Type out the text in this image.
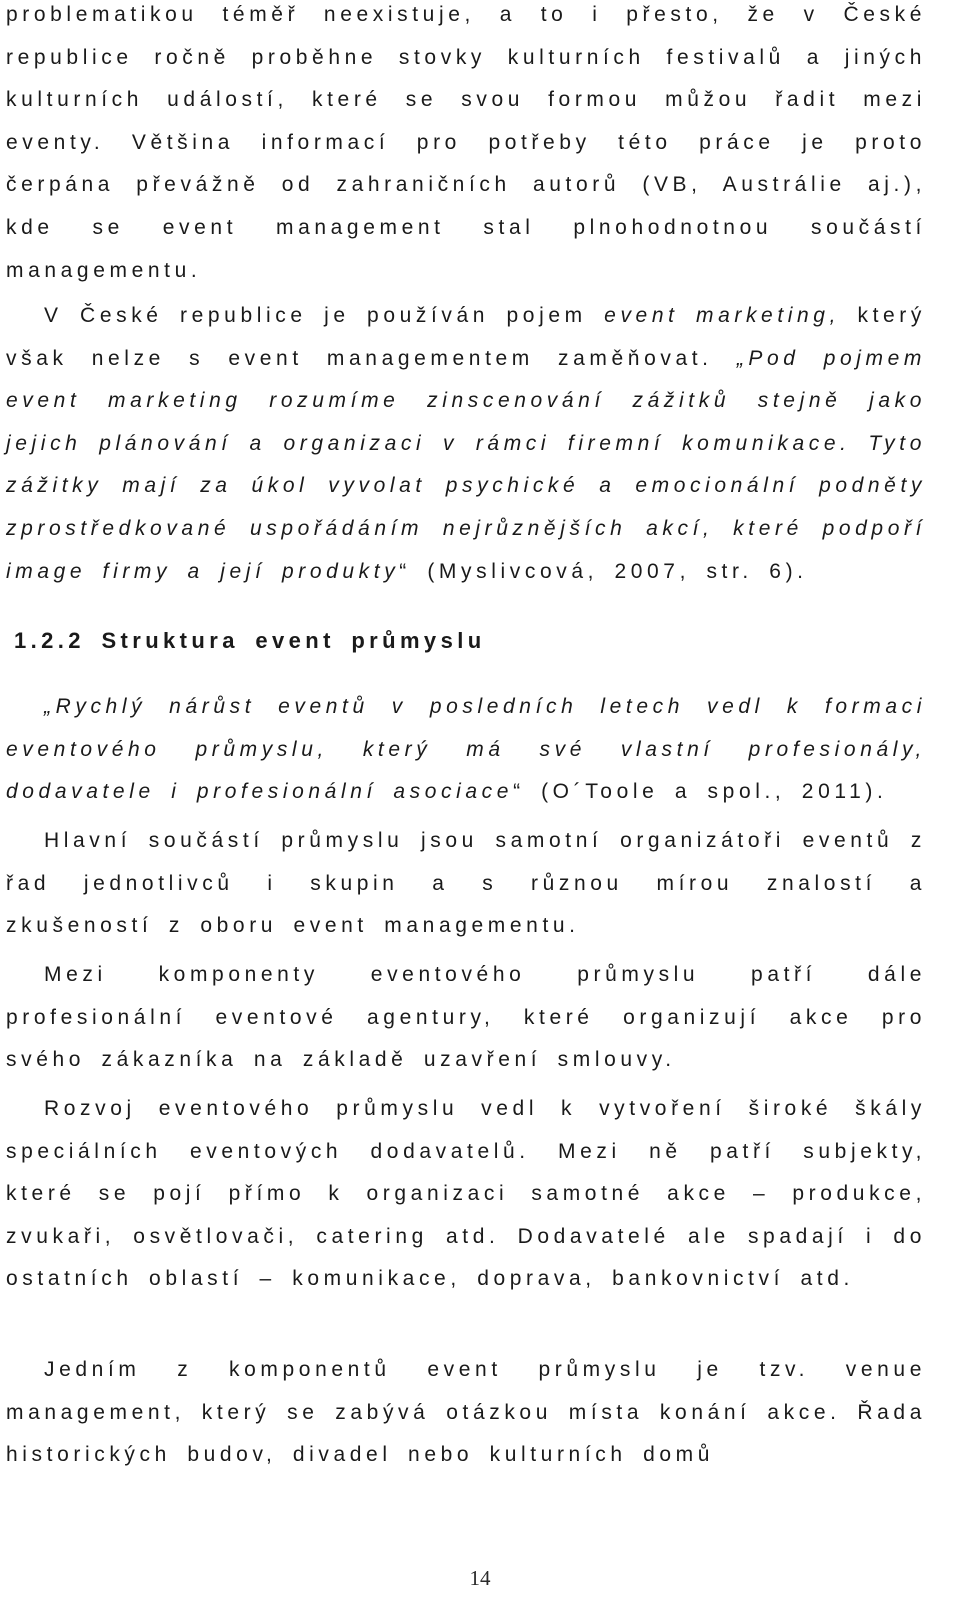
problematikou téměř neexistuje, a to i přesto, že v České republice ročně proběhne stovky kulturních festivalů a jiných kulturních událostí, které se svou formou můžou řadit mezi eventy. Většina informací pro potřeby této práce je proto čerpána převážně od zahraničních autorů (VB, Austrálie aj.), kde se event management stal plnohodnotnou součástí managementu.

V České republice je používán pojem event marketing, který však nelze s event managementem zaměňovat. „Pod pojmem event marketing rozumíme zinscenování zážitků stejně jako jejich plánování a organizaci v rámci firemní komunikace. Tyto zážitky mají za úkol vyvolat psychické a emocionální podněty zprostředkované uspořádáním nejrůznějších akcí, které podpoří image firmy a její produkty“ (Myslivcová, 2007, str. 6).

1.2.2 Struktura event průmyslu

„Rychlý nárůst eventů v posledních letech vedl k formaci eventového průmyslu, který má své vlastní profesionály, dodavatele i profesionální asociace“ (O´Toole a spol., 2011).

Hlavní součástí průmyslu jsou samotní organizátoři eventů z řad jednotlivců i skupin a s různou mírou znalostí a zkušeností z oboru event managementu.

Mezi komponenty eventového průmyslu patří dále profesionální eventové agentury, které organizují akce pro svého zákazníka na základě uzavření smlouvy.

Rozvoj eventového průmyslu vedl k vytvoření široké škály speciálních eventových dodavatelů. Mezi ně patří subjekty, které se pojí přímo k organizaci samotné akce – produkce, zvukaři, osvětlovači, catering atd. Dodavatelé ale spadají i do ostatních oblastí – komunikace, doprava, bankovnictví atd.

Jedním z komponentů event průmyslu je tzv. venue management, který se zabývá otázkou místa konání akce. Řada historických budov, divadel nebo kulturních domů

14
